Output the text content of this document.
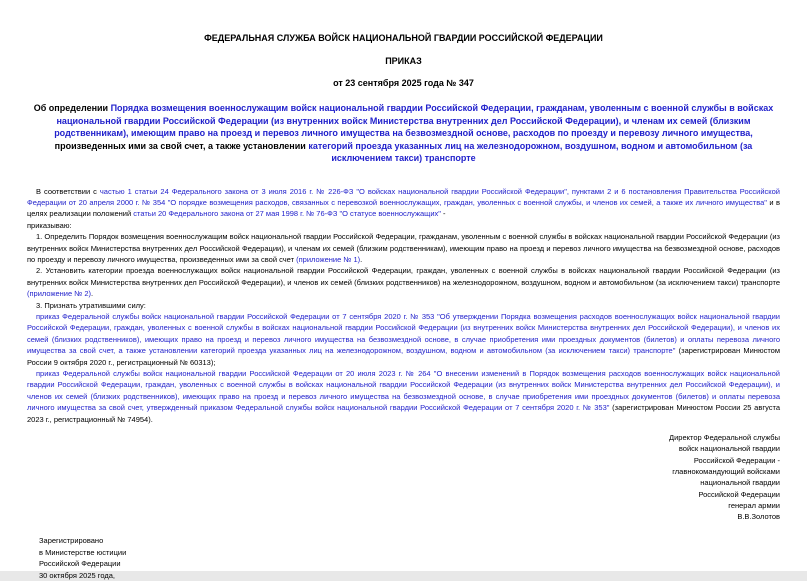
ФЕДЕРАЛЬНАЯ СЛУЖБА ВОЙСК НАЦИОНАЛЬНОЙ ГВАРДИИ РОССИЙСКОЙ ФЕДЕРАЦИИ
ПРИКАЗ
от 23 сентября 2025 года № 347
Об определении Порядка возмещения военнослужащим войск национальной гвардии Российской Федерации, гражданам, уволенным с военной службы в войсках национальной гвардии Российской Федерации (из внутренних войск Министерства внутренних дел Российской Федерации), и членам их семей (близким родственникам), имеющим право на проезд и перевоз личного имущества на безвозмездной основе, расходов по проезду и перевозу личного имущества, произведенных ими за свой счет, а также установлении категорий проезда указанных лиц на железнодорожном, воздушном, водном и автомобильном (за исключением такси) транспорте

В соответствии с частью 1 статьи 24 Федерального закона от 3 июля 2016 г. № 226-ФЗ "О войсках национальной гвардии Российской Федерации", пунктами 2 и 6 постановления Правительства Российской Федерации от 20 апреля 2000 г. № 354 "О порядке возмещения расходов, связанных с перевозкой военнослужащих, граждан, уволенных с военной службы, и членов их семей, а также их личного имущества" и в целях реализации положений статьи 20 Федерального закона от 27 мая 1998 г. № 76-ФЗ "О статусе военнослужащих" -

приказываю:

1. Определить Порядок возмещения военнослужащим войск национальной гвардии Российской Федерации, гражданам, уволенным с военной службы в войсках национальной гвардии Российской Федерации (из внутренних войск Министерства внутренних дел Российской Федерации), и членам их семей (близким родственникам), имеющим право на проезд и перевоз личного имущества на безвозмездной основе, расходов по проезду и перевозу личного имущества, произведенных ими за свой счет (приложение № 1).

2. Установить категории проезда военнослужащих войск национальной гвардии Российской Федерации, граждан, уволенных с военной службы в войсках национальной гвардии Российской Федерации (из внутренних войск Министерства внутренних дел Российской Федерации), и членов их семей (близких родственников) на железнодорожном, воздушном, водном и автомобильном (за исключением такси) транспорте (приложение № 2).

3. Признать утратившими силу:

приказ Федеральной службы войск национальной гвардии Российской Федерации от 7 сентября 2020 г. № 353 "Об утверждении Порядка возмещения расходов военнослужащих войск национальной гвардии Российской Федерации, граждан, уволенных с военной службы в войсках национальной гвардии Российской Федерации (из внутренних войск Министерства внутренних дел Российской Федерации), и членов их семей (близких родственников), имеющих право на проезд и перевоз личного имущества на безвозмездной основе, в случае приобретения ими проездных документов (билетов) и оплаты перевоза личного имущества за свой счет, а также установлении категорий проезда указанных лиц на железнодорожном, воздушном, водном и автомобильном (за исключением такси) транспорте" (зарегистрирован Минюстом России 9 октября 2020 г., регистрационный № 60313);

приказ Федеральной службы войск национальной гвардии Российской Федерации от 20 июля 2023 г. № 264 "О внесении изменений в Порядок возмещения расходов военнослужащих войск национальной гвардии Российской Федерации, граждан, уволенных с военной службы в войсках национальной гвардии Российской Федерации (из внутренних войск Министерства внутренних дел Российской Федерации), и членов их семей (близких родственников), имеющих право на проезд и перевоз личного имущества на безвозмездной основе, в случае приобретения ими проездных документов (билетов) и оплаты перевоза личного имущества за свой счет, утвержденный приказом Федеральной службы войск национальной гвардии Российской Федерации от 7 сентября 2020 г. № 353" (зарегистрирован Минюстом России 25 августа 2023 г., регистрационный № 74954).

Директор Федеральной службы
войск национальной гвардии
Российской Федерации -
главнокомандующий войсками
национальной гвардии
Российской Федерации
генерал армии
В.В.Золотов
Зарегистрировано
в Министерстве юстиции
Российской Федерации
30 октября 2025 года,
